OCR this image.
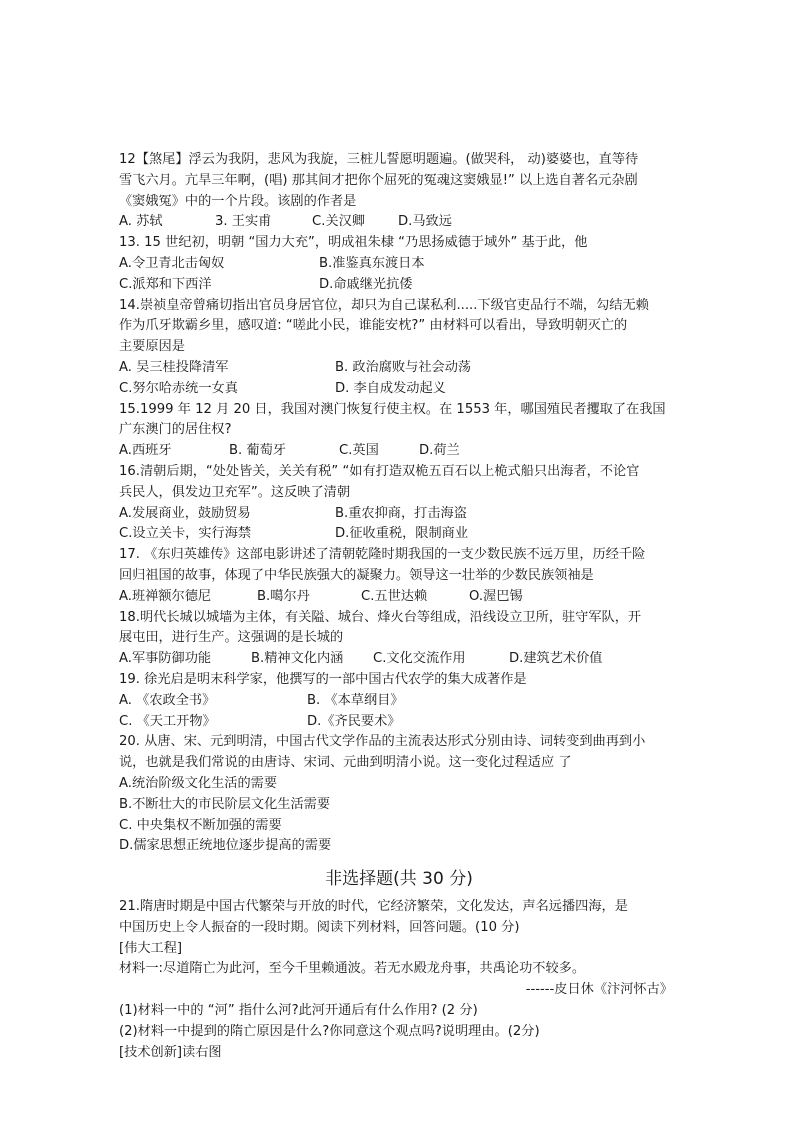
12【煞尾】浮云为我阴，悲风为我旋，三桩儿誓愿明题遍。(做哭科， 动)婆婆也，直等待
雪飞六月。亢旱三年啊，(唱) 那其间才把你个屈死的冤魂这窦娥显!” 以上选自著名元杂剧
《窦娥冤》中的一个片段。该剧的作者是
A. 苏轼	3. 王实甫	C.关汉卿	D.马致远
13. 15 世纪初，明朝 “国力大充”，明成祖朱棣 “乃思扬威德于域外” 基于此，他
A.令卫青北击匈奴	B.准鉴真东渡日本
C.派郑和下西洋	D.命戚继光抗倭
14.崇祯皇帝曾痛切指出官员身居官位，却只为自己谋私利.....下级官吏品行不端，勾结无赖
作为爪牙欺霸乡里，感叹道: “嗟此小民，谁能安枕?” 由材料可以看出，导致明朝灭亡的
主要原因是
A. 吴三桂投降清军	B. 政治腐败与社会动荡
C.努尔哈赤统一女真	D. 李自成发动起义
15.1999 年 12 月 20 日，我国对澳门恢复行使主权。在 1553 年，哪国殖民者攫取了在我国
广东澳门的居住权?
A.西班牙	B. 葡萄牙	C.英国	D.荷兰
16.清朝后期，“处处皆关，关关有税” “如有打造双桅五百石以上桅式船只出海者，不论官
兵民人，俱发边卫充军”。这反映了清朝
A.发展商业，鼓励贸易	B.重农抑商，打击海盗
C.设立关卡，实行海禁	D.征收重税，限制商业
17. 《东归英雄传》这部电影讲述了清朝乾隆时期我国的一支少数民族不远万里，历经千险
回归祖国的故事，体现了中华民族强大的凝聚力。领导这一壮举的少数民族领袖是
A.班禅额尔德尼	B.噶尔丹	C.五世达赖	O.渥巴锡
18.明代长城以城墙为主体，有关隘、城台、烽火台等组成，沿线设立卫所，驻守军队，开
展屯田，进行生产。这强调的是长城的
A.军事防御功能	B.精神文化内涵	C.文化交流作用	D.建筑艺术价值
19. 徐光启是明末科学家，他撰写的一部中国古代农学的集大成著作是
A. 《农政全书》	B. 《本草纲目》
C. 《天工开物》	D.《齐民要术》
20. 从唐、宋、元到明清，中国古代文学作品的主流表达形式分别由诗、词转变到曲再到小
说，也就是我们常说的由唐诗、宋词、元曲到明清小说。这一变化过程适应 了
A.统治阶级文化生活的需要
B.不断壮大的市民阶层文化生活需要
C. 中央集权不断加强的需要
D.儒家思想正统地位逐步提高的需要
非选择题(共 30 分)
21.隋唐时期是中国古代繁荣与开放的时代，它经济繁荣，文化发达，声名远播四海，是
中国历史上令人振奋的一段时期。阅读下列材料，回答问题。(10 分)
[伟大工程]
材料一:尽道隋亡为此河，至今千里赖通波。若无水殿龙舟事，共禹论功不较多。
------皮日休《汴河怀古》
(1)材料一中的 “河” 指什么河?此河开通后有什么作用? (2 分)
(2)材料一中提到的隋亡原因是什么?你同意这个观点吗?说明理由。(2分)
[技术创新]读右图
